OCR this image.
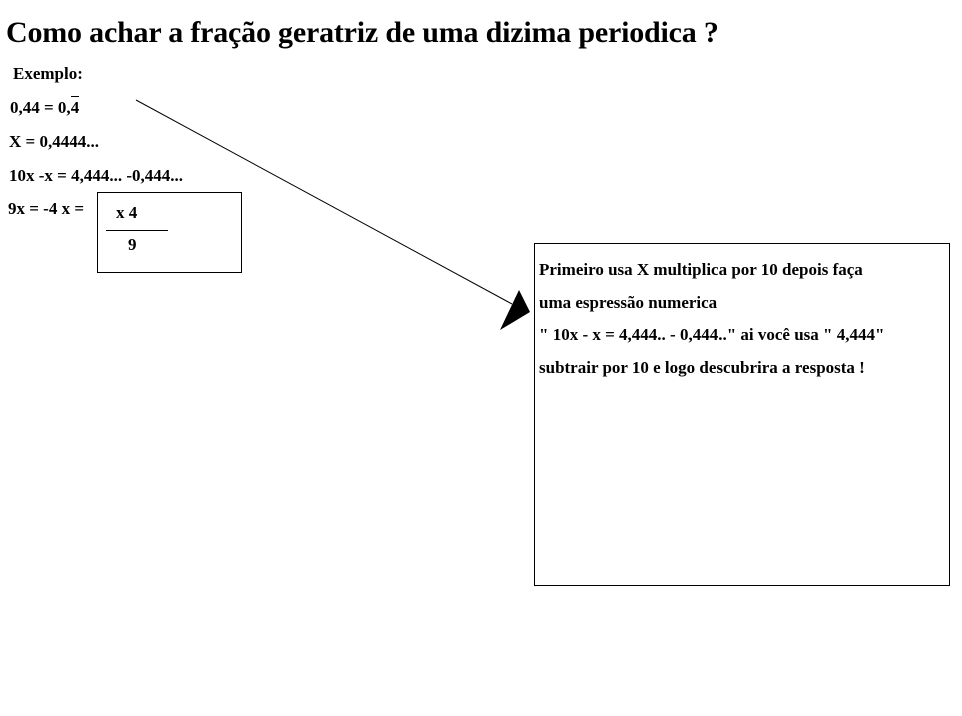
Como achar a fração geratriz de uma dizima periodica ?
Exemplo:
0,44 = 0,4
X = 0,4444...
10x -x = 4,444... -0,444...
9x = -4 x = x 4
9
Primeiro usa X multiplica por 10 depois faça
uma espressão numerica
" 10x - x = 4,444.. - 0,444.." ai você usa " 4,444"
subtrair por 10 e logo descubrira a resposta !
